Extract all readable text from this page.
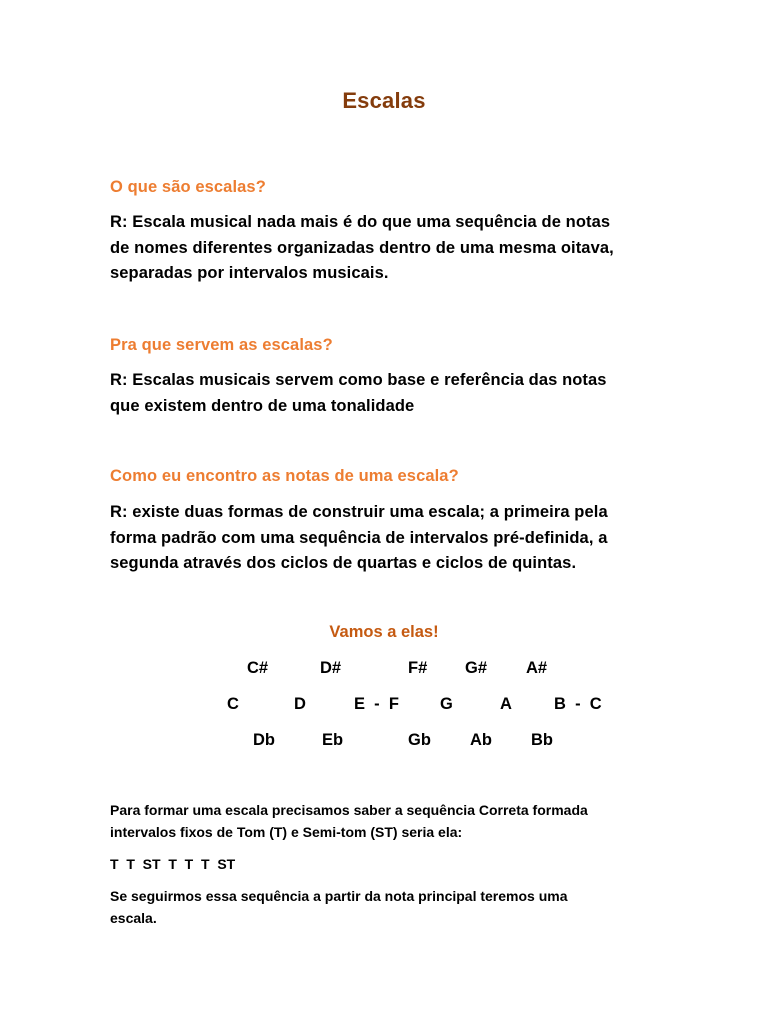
Escalas
O que são escalas?
R: Escala musical nada mais é do que uma sequência de notas
de nomes diferentes organizadas dentro de uma mesma oitava,
separadas por intervalos musicais.
Pra que servem as escalas?
R: Escalas musicais servem como base e referência das notas
que existem dentro de uma tonalidade
Como eu encontro as notas de uma escala?
R: existe duas formas de construir uma escala; a primeira pela
forma padrão com uma sequência de intervalos pré-definida, a
segunda através dos ciclos de quartas e ciclos de quintas.
Vamos a elas!
C#	D#	F# G# A#
C	D	E  -  F G	A	B  -  C
Db	Eb	Gb Ab Bb
Para formar uma escala precisamos saber a sequência Correta formada
intervalos fixos de Tom (T) e Semi-tom (ST) seria ela:
T  T  ST  T  T  T  ST
Se seguirmos essa sequência a partir da nota principal teremos uma
escala.
